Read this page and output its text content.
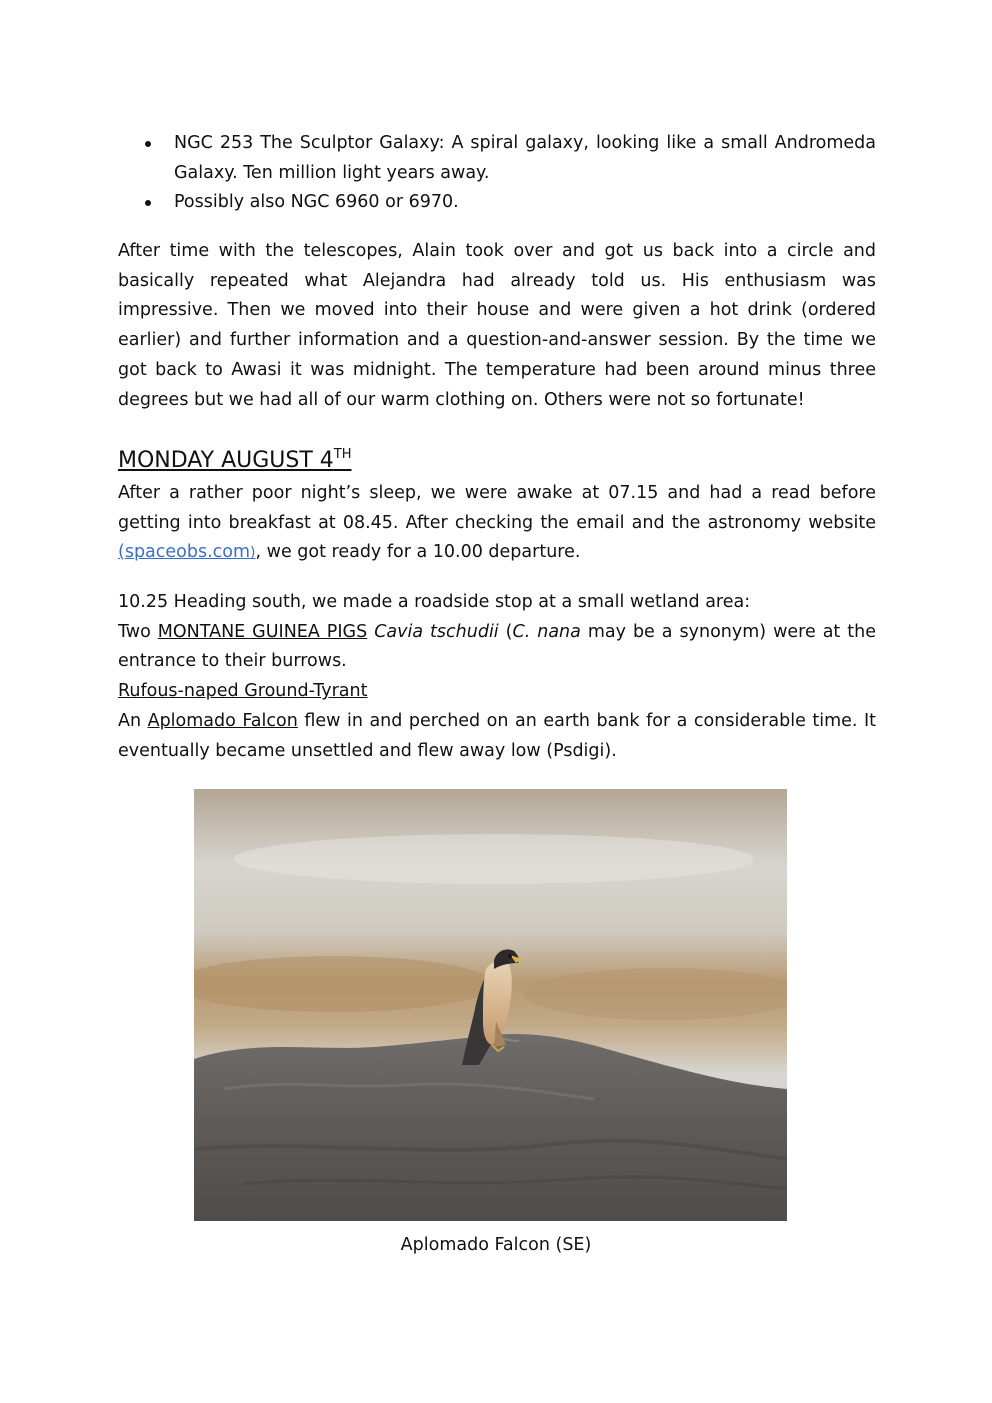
NGC 253 The Sculptor Galaxy: A spiral galaxy, looking like a small Andromeda Galaxy. Ten million light years away.
Possibly also NGC 6960 or 6970.

After time with the telescopes, Alain took over and got us back into a circle and basically repeated what Alejandra had already told us. His enthusiasm was impressive. Then we moved into their house and were given a hot drink (ordered earlier) and further information and a question-and-answer session. By the time we got back to Awasi it was midnight. The temperature had been around minus three degrees but we had all of our warm clothing on. Others were not so fortunate!

MONDAY AUGUST 4TH

After a rather poor night’s sleep, we were awake at 07.15 and had a read before getting into breakfast at 08.45. After checking the email and the astronomy website (spaceobs.com), we got ready for a 10.00 departure.

10.25 Heading south, we made a roadside stop at a small wetland area:
Two MONTANE GUINEA PIGS Cavia tschudii (C. nana may be a synonym) were at the entrance to their burrows.
Rufous-naped Ground-Tyrant
An Aplomado Falcon flew in and perched on an earth bank for a considerable time. It eventually became unsettled and flew away low (Psdigi).
Aplomado Falcon (SE)
